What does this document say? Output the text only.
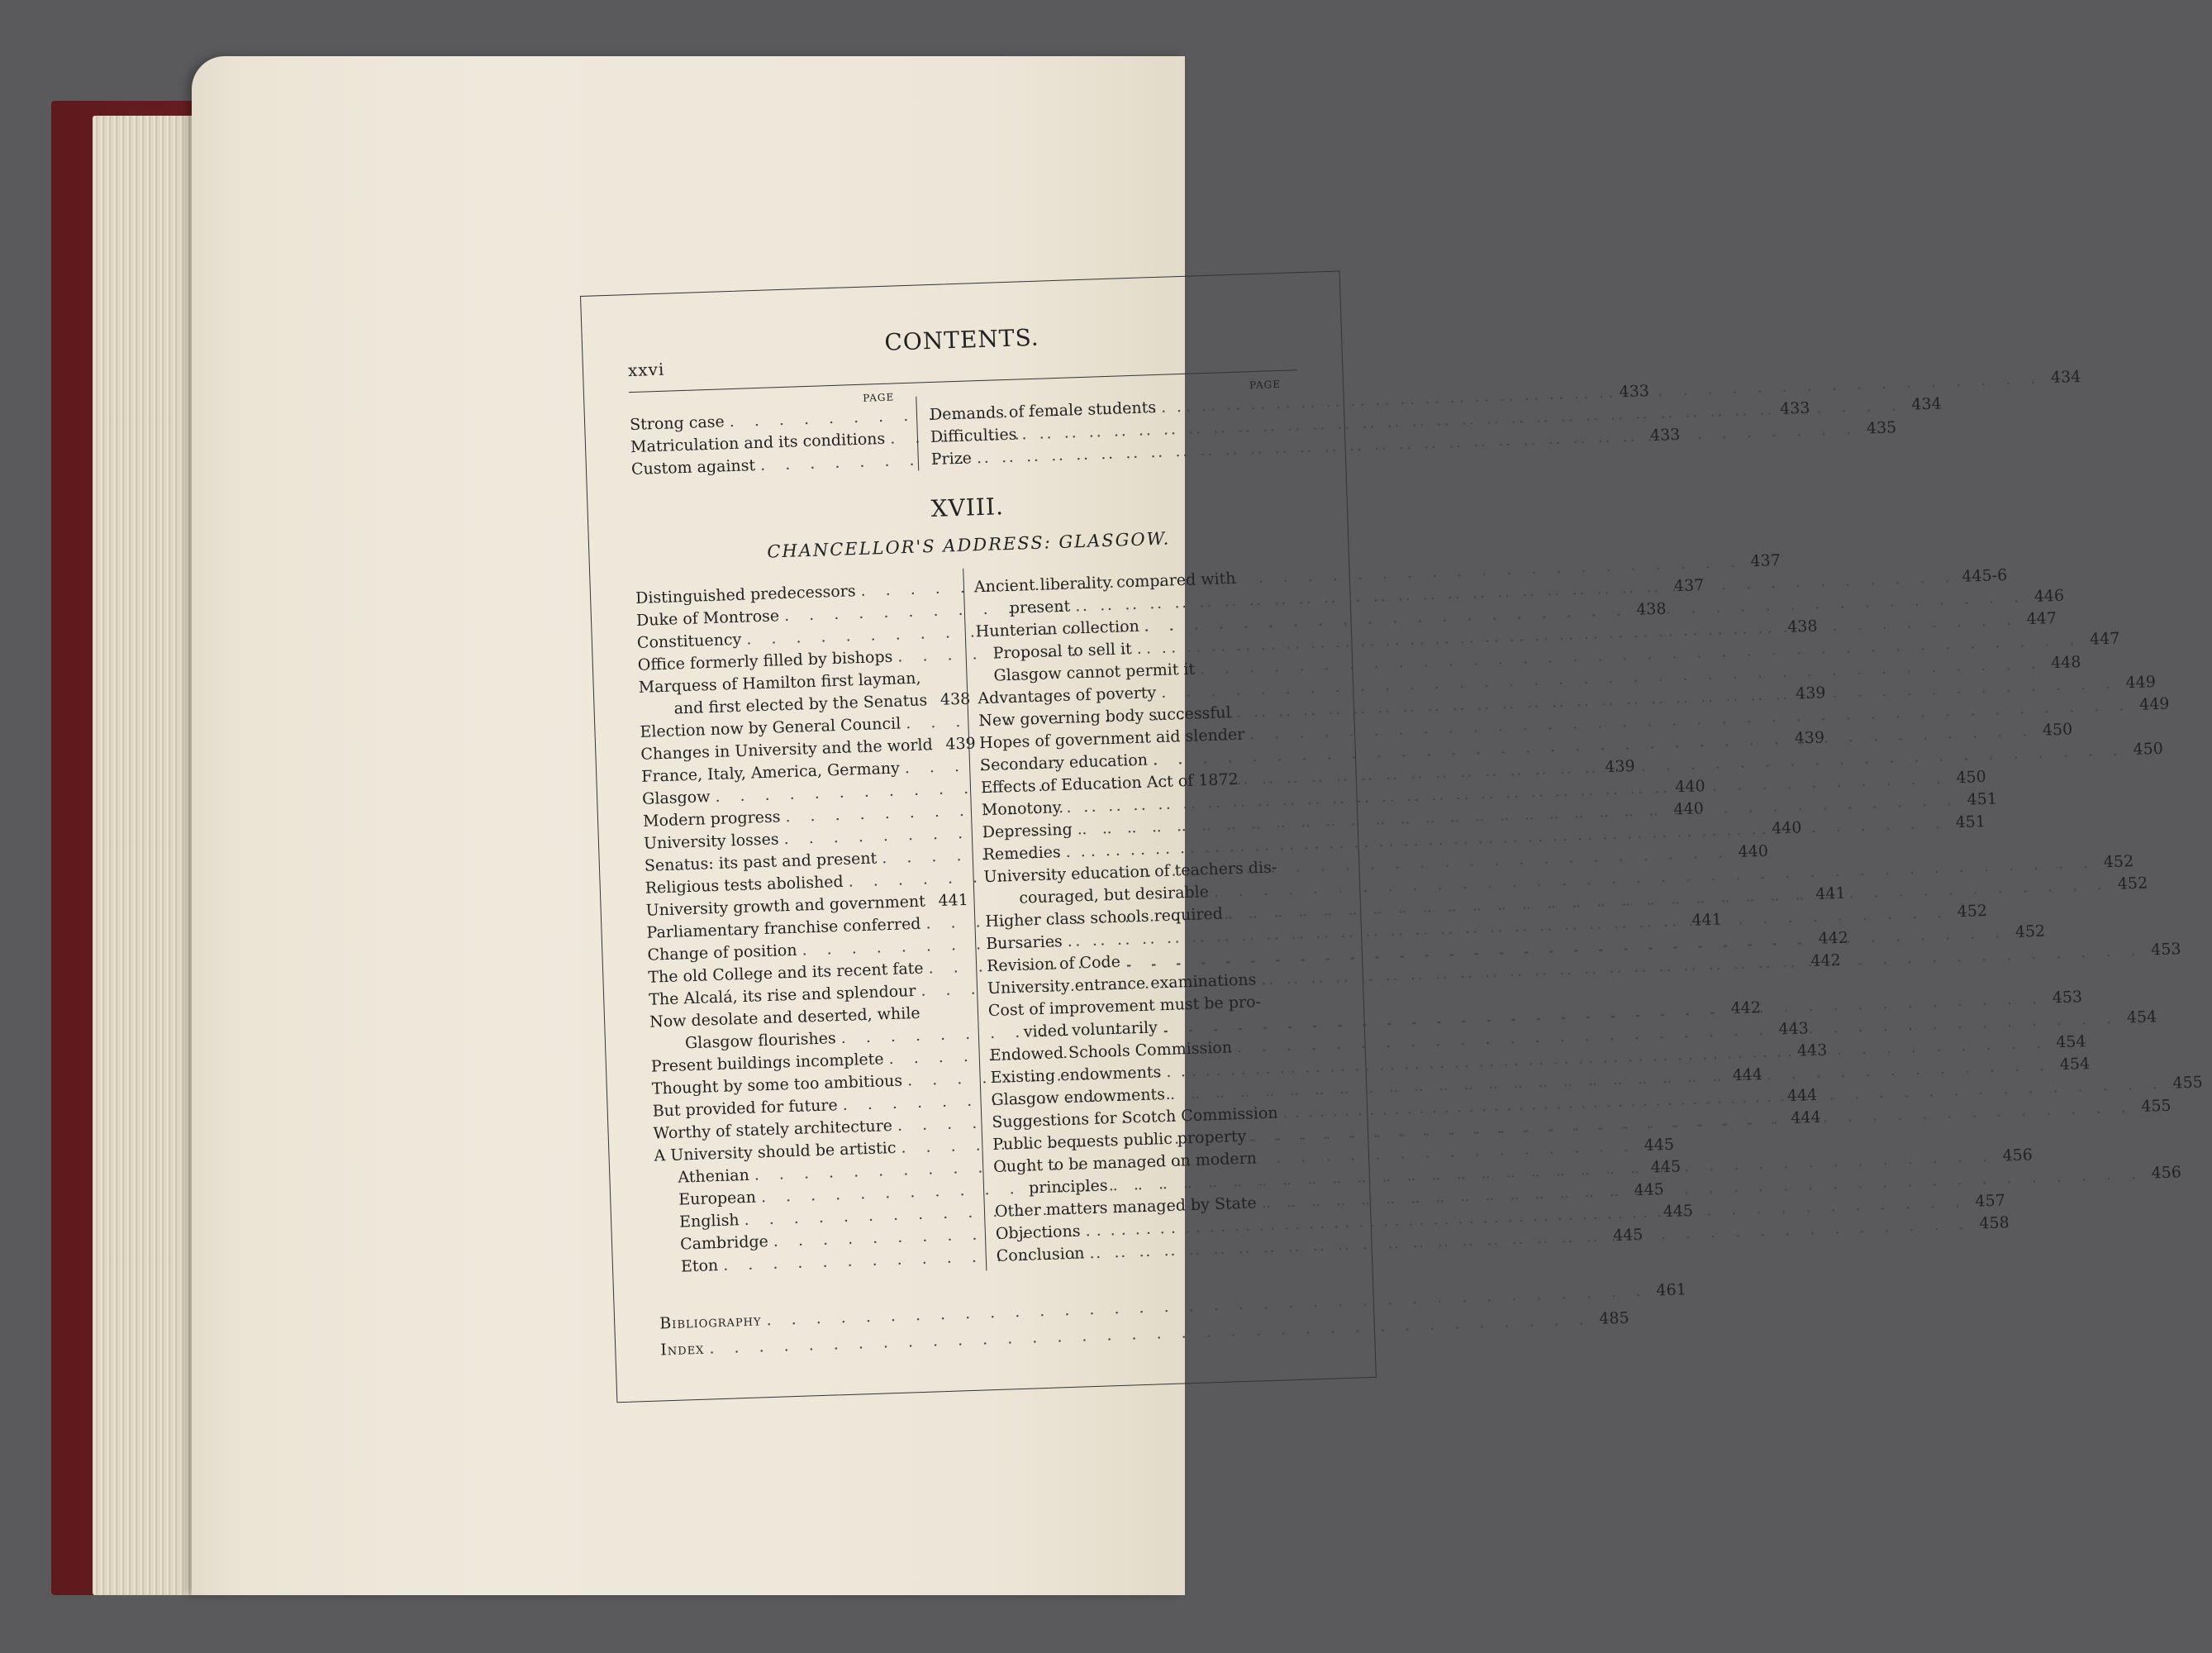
xxvi
CONTENTS.
PAGE
PAGE
Strong case
. . .
433
Matriculation and its conditions
. . .
433
Custom against
. . .
433
Demands of female students
. . .
434
Difficulties
. . .
434
Prize
. . .
435
XVIII.
CHANCELLOR'S ADDRESS: GLASGOW.
Distinguished predecessors
. . .
437
Duke of Montrose
. . .
437
Constituency
. . .
438
Office formerly filled by bishops
. . .
438
Marquess of Hamilton first layman,
and first elected by the Senatus 438
Election now by General Council
. . .
439
Changes in University and the world 439
France, Italy, America, Germany
. . .
439
Glasgow
. . .
439
Modern progress
. . .
440
University losses
. . .
440
Senatus: its past and present
. . .
440
Religious tests abolished
. . .
440
University growth and government 441
Parliamentary franchise conferred
. . .
441
Change of position
. . .
441
The old College and its recent fate
. . .
442
The Alcalá, its rise and splendour
. . .
442
Now desolate and deserted, while
Glasgow flourishes
. . .
442
Present buildings incomplete
. . .
443
Thought by some too ambitious
. . .
443
But provided for future
. . .
444
Worthy of stately architecture
. . .
444
A University should be artistic
. . .
444
Athenian
. . .
445
European
. . .
445
English
. . .
445
Cambridge
. . .
445
Eton
. . .
445
Ancient liberality compared with
present
. . .
445-6
Hunterian collection
. . .
446
Proposal to sell it
. . .
447
Glasgow cannot permit it
. . .
447
Advantages of poverty
. . .
448
New governing body successful
. . .
449
Hopes of government aid slender
. . .
449
Secondary education
. . .
450
Effects of Education Act of 1872
. . .
450
Monotony
. . .
450
Depressing
. . .
451
Remedies
. . .
451
University education of teachers dis-
couraged, but desirable
. . .
452
Higher class schools required
. . .
452
Bursaries
. . .
452
Revision of Code
. . .
452
University entrance examinations
. . .
453
Cost of improvement must be pro-
vided voluntarily
. . .
453
Endowed Schools Commission
. . .
454
Existing endowments
. . .
454
Glasgow endowments
. . .
454
Suggestions for Scotch Commission
. . .
455
Public bequests public property
. . .
455
Ought to be managed on modern
principles
. . .
456
Other matters managed by State
. . .
456
Objections
. . .
457
Conclusion
. . .
458
Bibliography
. . .
461
Index
. . .
485
